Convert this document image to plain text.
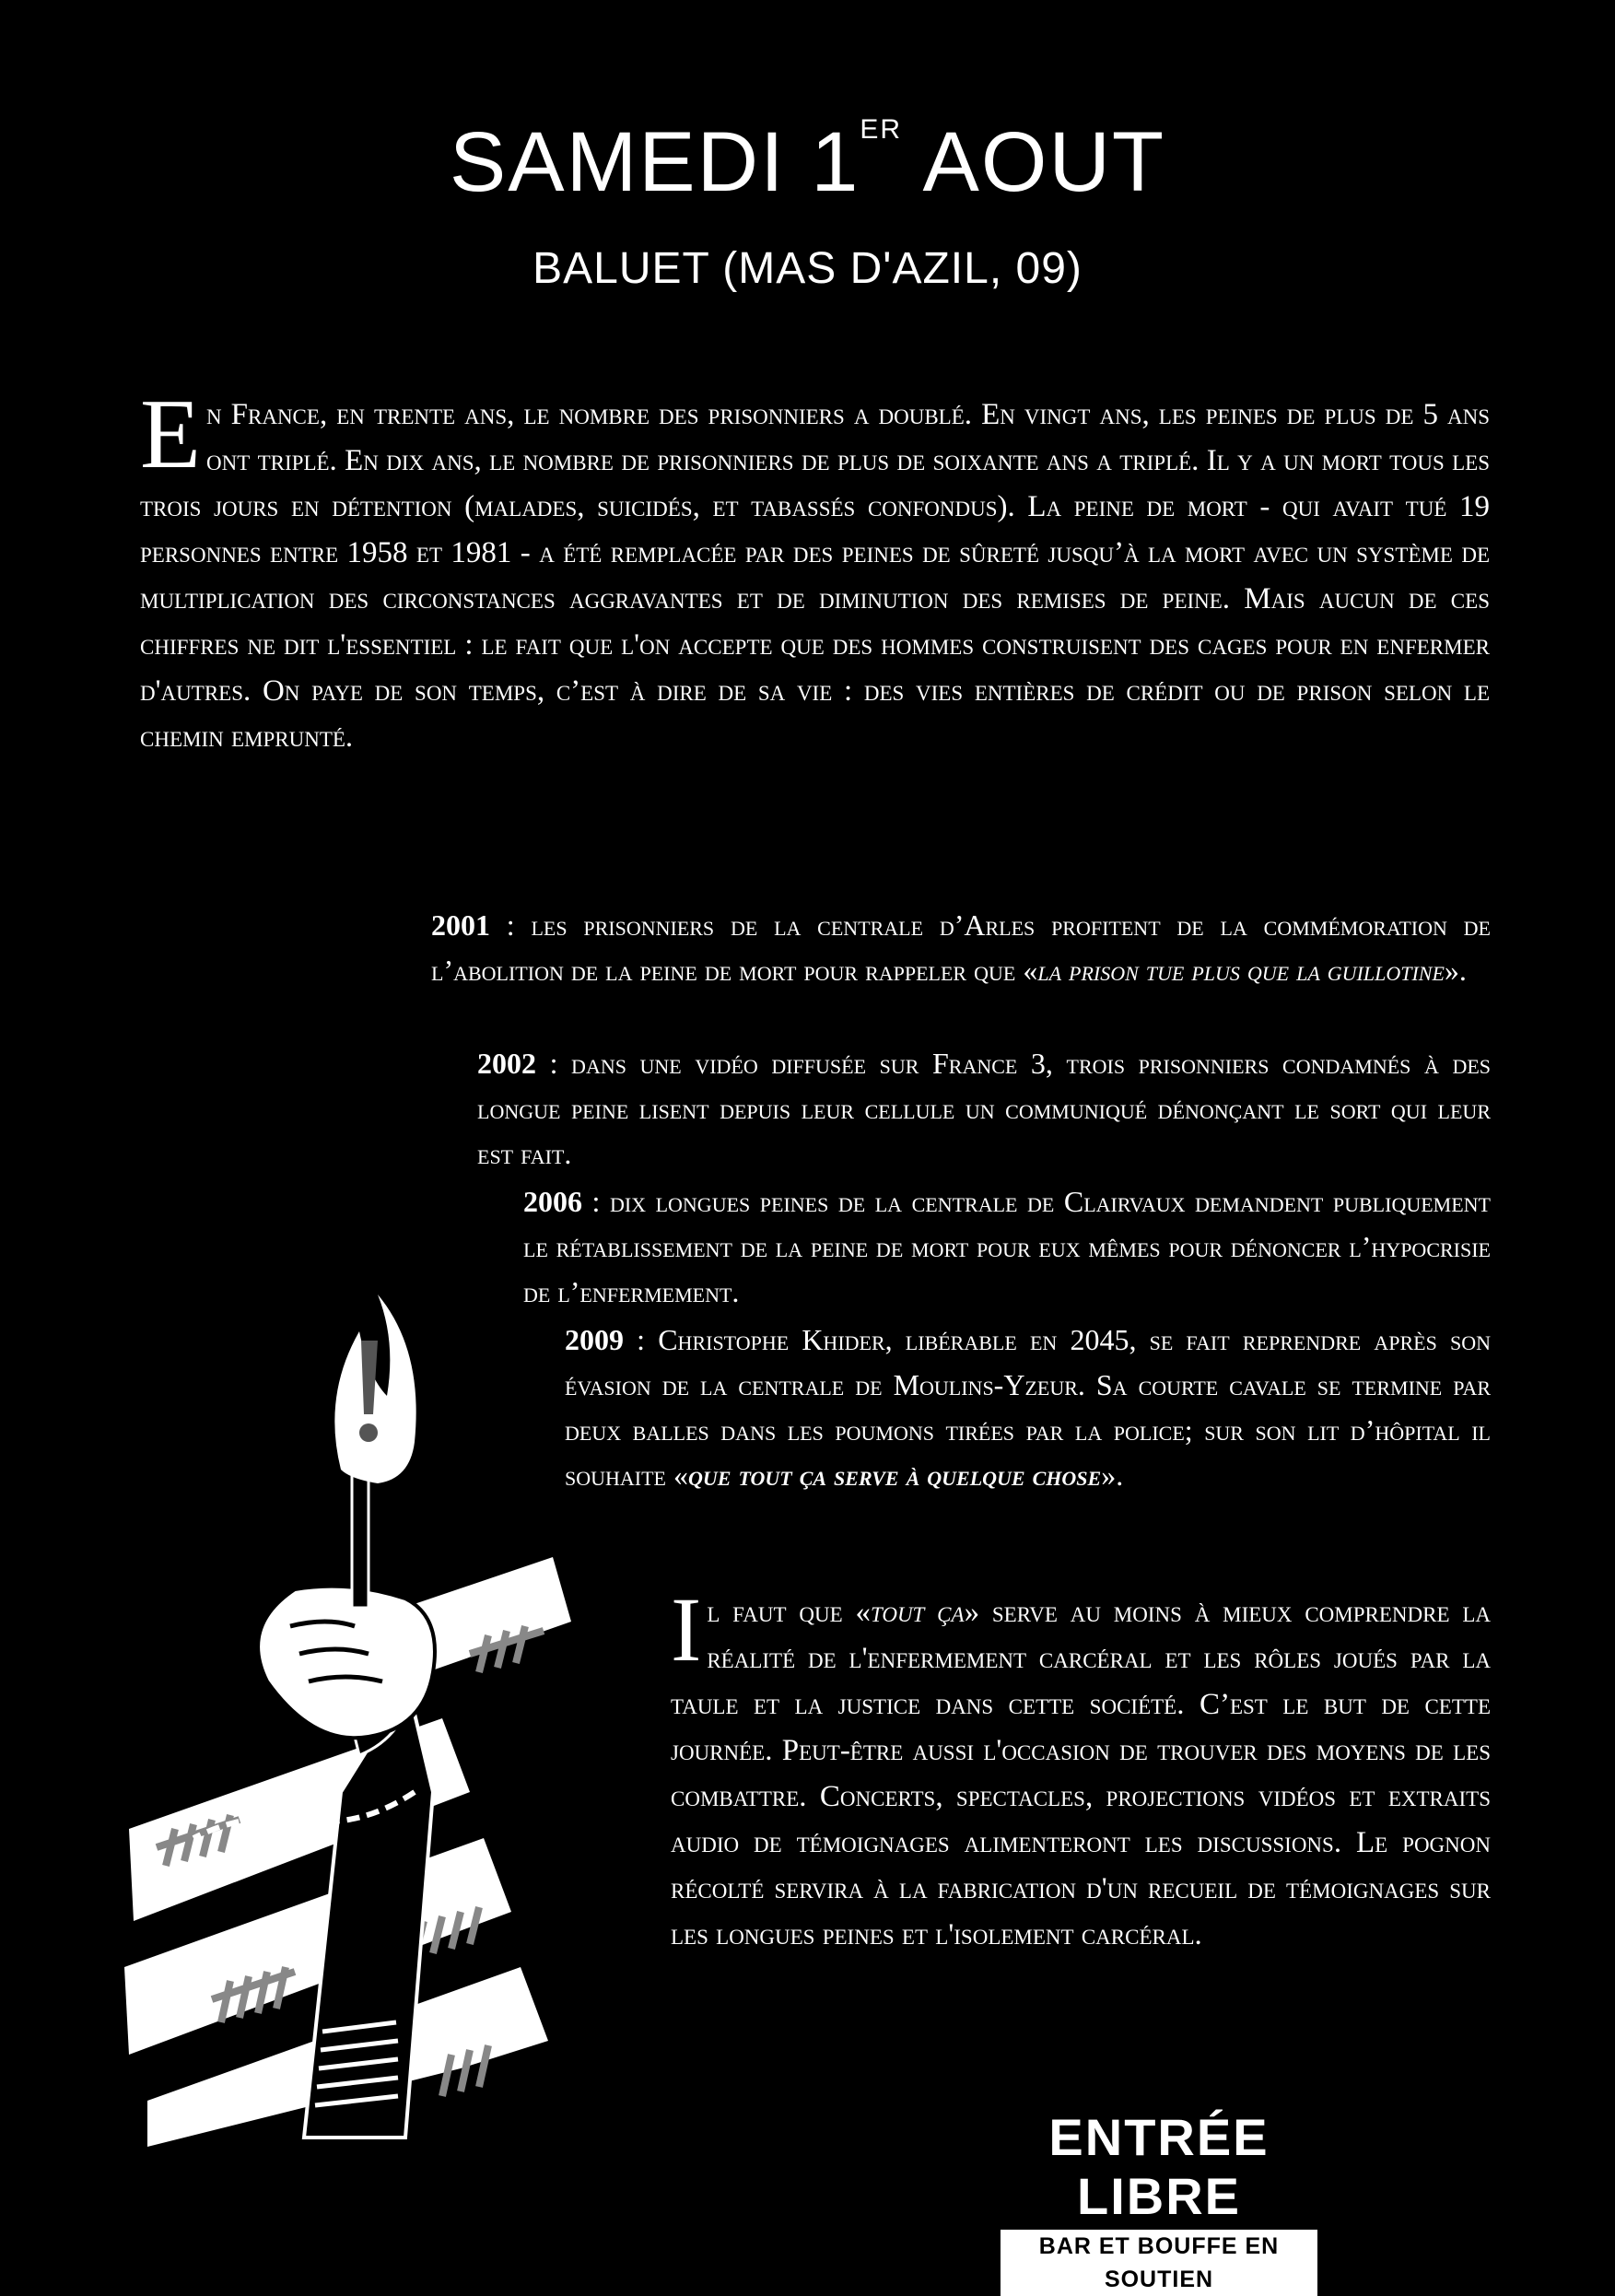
SAMEDI 1ER AOUT
BALUET (MAS D'AZIL, 09)
En France, en trente ans, le nombre des prisonniers a doublé. En vingt ans, les peines de plus de 5 ans ont triplé. En dix ans, le nombre de prisonniers de plus de soixante ans a triplé. Il y a un mort tous les trois jours en détention (malades, suicidés, et tabassés confondus). La peine de mort - qui avait tué 19 personnes entre 1958 et 1981 - a été remplacée par des peines de sûreté jusqu’à la mort avec un système de multiplication des circonstances aggravantes et de diminution des remises de peine. Mais aucun de ces chiffres ne dit l'essentiel : le fait que l'on accepte que des hommes construisent des cages pour en enfermer d'autres. On paye de son temps, c’est à dire de sa vie : des vies entières de crédit ou de prison selon le chemin emprunté.
2001 : les prisonniers de la centrale d’Arles profitent de la commémoration de l’abolition de la peine de mort pour rappeler que «la prison tue plus que la guillotine».
2002 : dans une vidéo diffusée sur France 3, trois prisonniers condamnés à des longue peine lisent depuis leur cellule un communiqué dénonçant le sort qui leur est fait.
2006 : dix longues peines de la centrale de Clairvaux demandent publiquement le rétablissement de la peine de mort pour eux mêmes pour dénoncer l’hypocrisie de l’enfermement.
2009 : Christophe Khider, libérable en 2045, se fait reprendre après son évasion de la centrale de Moulins-Yzeur. Sa courte cavale se termine par deux balles dans les poumons tirées par la police; sur son lit d’hôpital il souhaite «que tout ça serve à quelque chose».
Il faut que «tout ça» serve au moins à mieux comprendre la réalité de l'enfermement carcéral et les rôles joués par la taule et la justice dans cette société. C’est le but de cette journée. Peut-être aussi l'occasion de trouver des moyens de les combattre. Concerts, spectacles, projections vidéos et extraits audio de témoignages alimenteront les discussions. Le pognon récolté servira à la fabrication d'un recueil de témoignages sur les longues peines et l'isolement carcéral.
ENTRÉE LIBRE
BAR ET BOUFFE EN SOUTIEN
